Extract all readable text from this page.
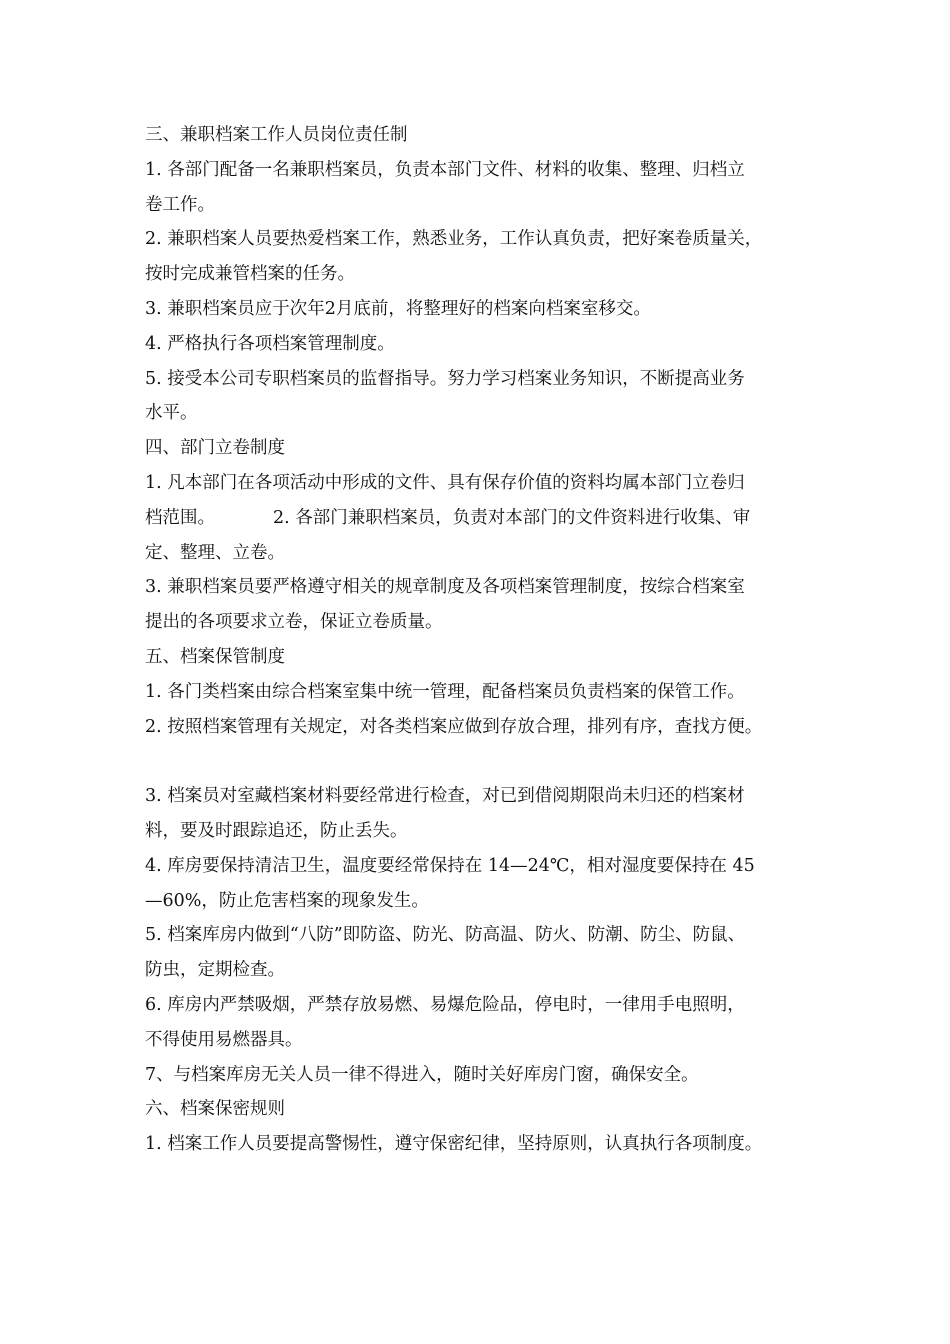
三、兼职档案工作人员岗位责任制
1. 各部门配备一名兼职档案员，负责本部门文件、材料的收集、整理、归档立
卷工作。
2. 兼职档案人员要热爱档案工作，熟悉业务，工作认真负责，把好案卷质量关，
按时完成兼管档案的任务。
3. 兼职档案员应于次年2月底前，将整理好的档案向档案室移交。
4. 严格执行各项档案管理制度。
5. 接受本公司专职档案员的监督指导。努力学习档案业务知识，不断提高业务
水平。
四、部门立卷制度
1. 凡本部门在各项活动中形成的文件、具有保存价值的资料均属本部门立卷归
档范围。	2. 各部门兼职档案员，负责对本部门的文件资料进行收集、审
定、整理、立卷。
3. 兼职档案员要严格遵守相关的规章制度及各项档案管理制度，按综合档案室
提出的各项要求立卷，保证立卷质量。
五、档案保管制度
1. 各门类档案由综合档案室集中统一管理，配备档案员负责档案的保管工作。
2. 按照档案管理有关规定，对各类档案应做到存放合理，排列有序，查找方便。
3. 档案员对室藏档案材料要经常进行检查，对已到借阅期限尚未归还的档案材
料，要及时跟踪追还，防止丢失。
4. 库房要保持清洁卫生，温度要经常保持在 14—24℃，相对湿度要保持在 45
—60%，防止危害档案的现象发生。
5. 档案库房内做到“八防”即防盗、防光、防高温、防火、防潮、防尘、防鼠、
防虫，定期检查。
6. 库房内严禁吸烟，严禁存放易燃、易爆危险品，停电时，一律用手电照明，
不得使用易燃器具。
7、与档案库房无关人员一律不得进入，随时关好库房门窗，确保安全。
六、档案保密规则
1. 档案工作人员要提高警惕性，遵守保密纪律，坚持原则，认真执行各项制度。
